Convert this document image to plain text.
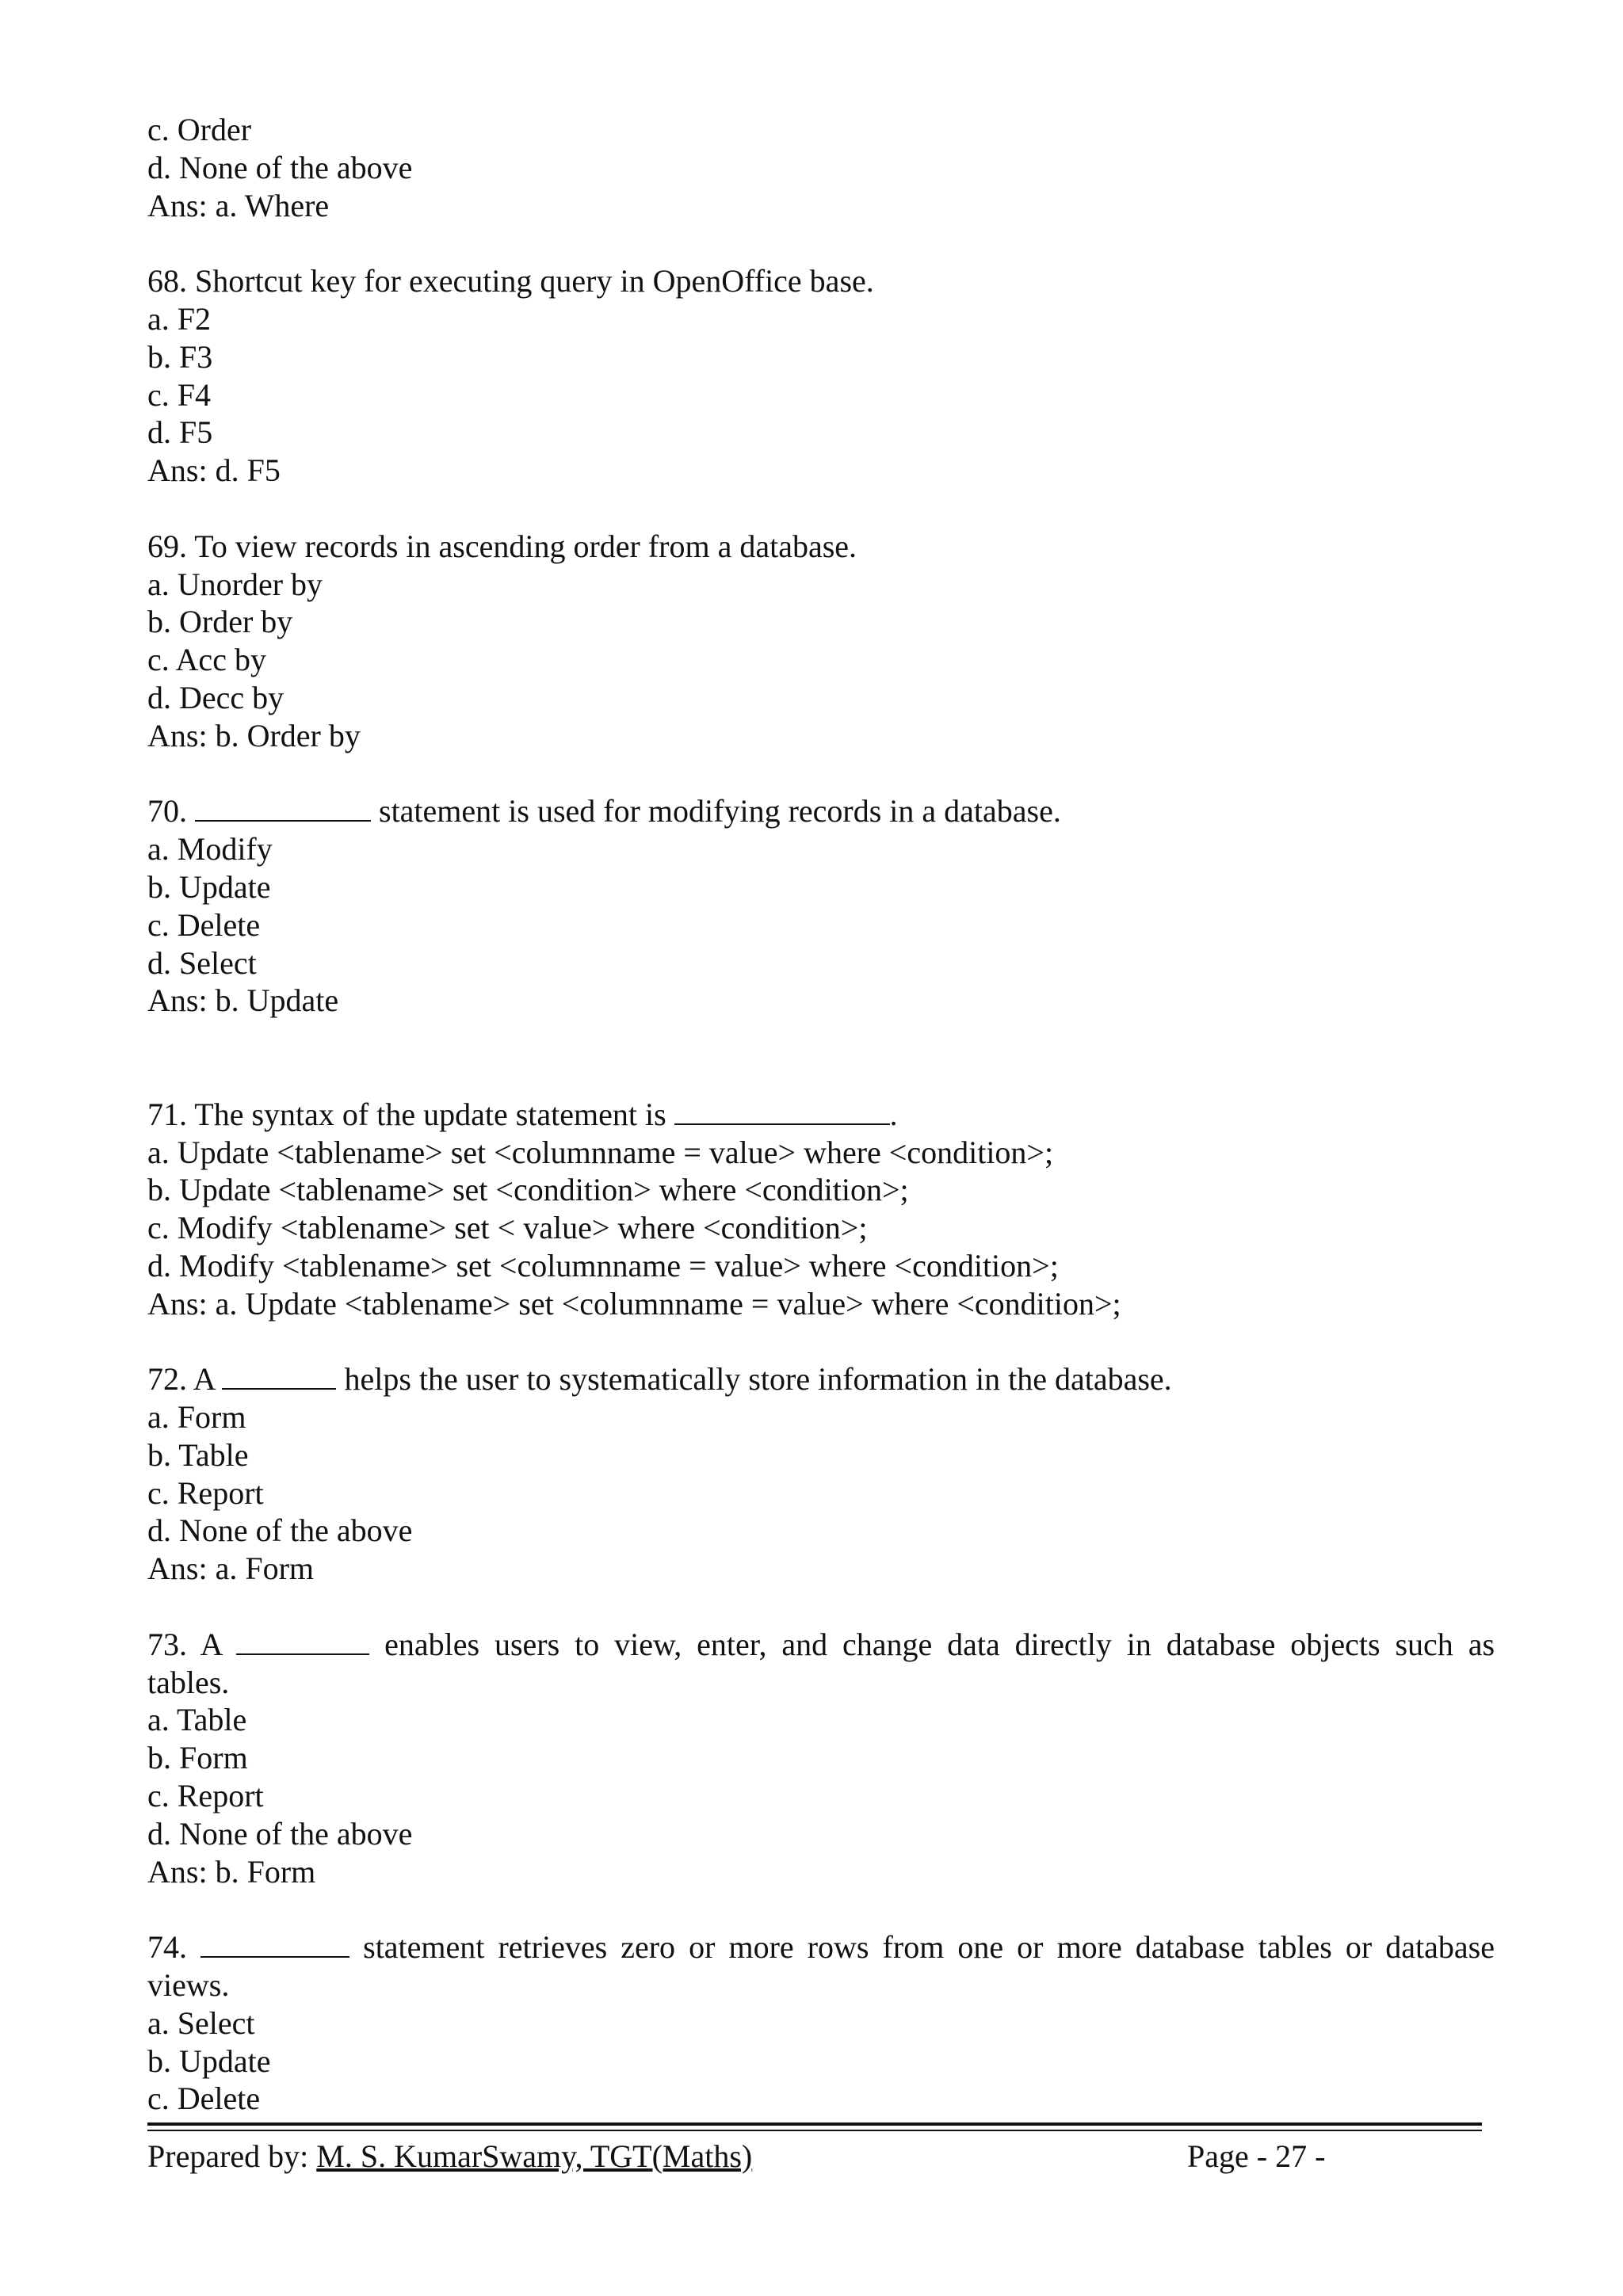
c. Order
d. None of the above
Ans: a. Where
68. Shortcut key for executing query in OpenOffice base.
a. F2
b. F3
c. F4
d. F5
Ans: d. F5
69. To view records in ascending order from a database.
a. Unorder by
b. Order by
c. Acc by
d. Decc by
Ans: b. Order by
70.	statement is used for modifying records in a database.
a. Modify
b. Update
c. Delete
d. Select
Ans: b. Update
71. The syntax of the update statement is	.
a. Update <tablename> set <columnname = value> where <condition>;
b. Update <tablename> set <condition> where <condition>;
c. Modify <tablename> set < value> where <condition>;
d. Modify <tablename> set <columnname = value> where <condition>;
Ans: a. Update <tablename> set <columnname = value> where <condition>;
72. A	helps the user to systematically store information in the database.
a. Form
b. Table
c. Report
d. None of the above
Ans: a. Form
73. A	enables users to view, enter, and change data directly in database objects such as
tables.
a. Table
b. Form
c. Report
d. None of the above
Ans: b. Form
74.	statement retrieves zero or more rows from one or more database tables or database
views.
a. Select
b. Update
c. Delete
Prepared by: M. S. KumarSwamy, TGT(Maths)	Page - 27 -
